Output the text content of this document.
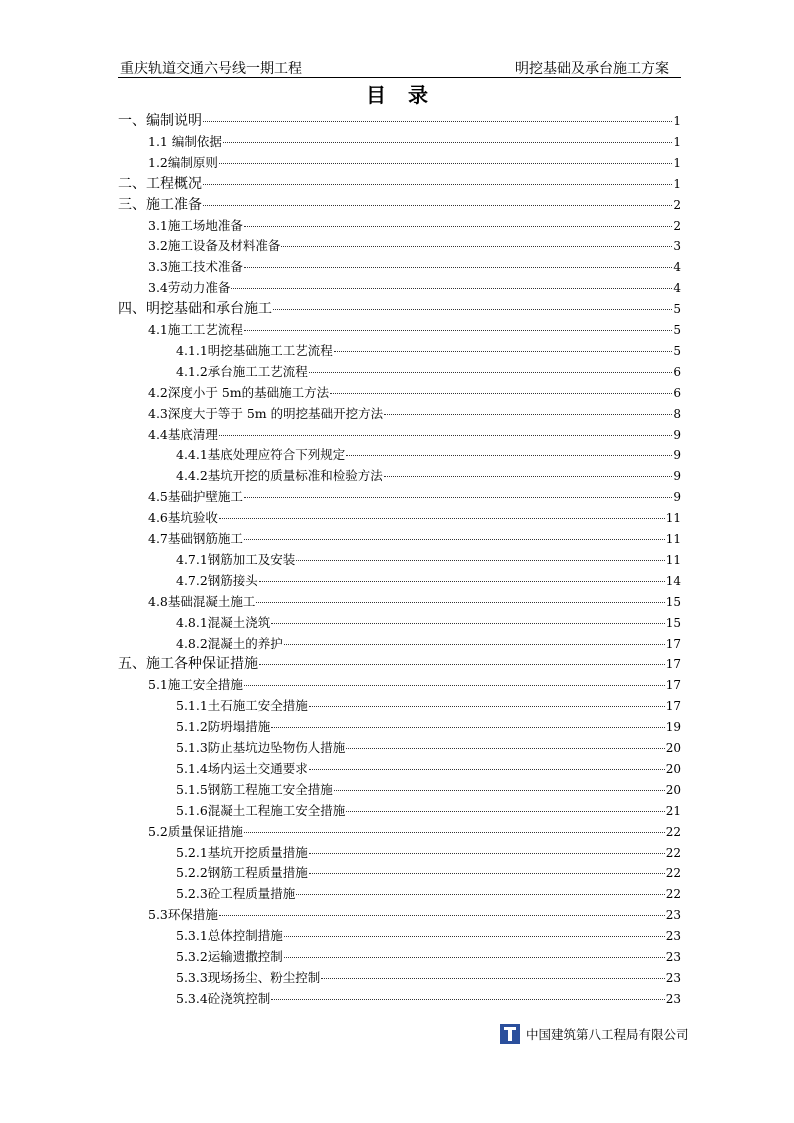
重庆轨道交通六号线一期工程	明挖基础及承台施工方案
目录
一、编制说明	1
1.1 编制依据	1
1.2编制原则	1
二、工程概况	1
三、施工准备	2
3.1施工场地准备	2
3.2施工设备及材料准备	3
3.3施工技术准备	4
3.4劳动力准备	4
四、明挖基础和承台施工	5
4.1施工工艺流程	5
4.1.1明挖基础施工工艺流程	5
4.1.2承台施工工艺流程	6
4.2深度小于 5m的基础施工方法	6
4.3深度大于等于 5m 的明挖基础开挖方法	8
4.4基底清理	9
4.4.1基底处理应符合下列规定	9
4.4.2基坑开挖的质量标准和检验方法	9
4.5基础护壁施工	9
4.6基坑验收	11
4.7基础钢筋施工	11
4.7.1钢筋加工及安装	11
4.7.2钢筋接头	14
4.8基础混凝土施工	15
4.8.1混凝土浇筑	15
4.8.2混凝土的养护	17
五、施工各种保证措施	17
5.1施工安全措施	17
5.1.1土石施工安全措施	17
5.1.2防坍塌措施	19
5.1.3防止基坑边坠物伤人措施	20
5.1.4场内运土交通要求	20
5.1.5钢筋工程施工安全措施	20
5.1.6混凝土工程施工安全措施	21
5.2质量保证措施	22
5.2.1基坑开挖质量措施	22
5.2.2钢筋工程质量措施	22
5.2.3砼工程质量措施	22
5.3环保措施	23
5.3.1总体控制措施	23
5.3.2运输遗撒控制	23
5.3.3现场扬尘、粉尘控制	23
5.3.4砼浇筑控制	23
中国建筑第八工程局有限公司
